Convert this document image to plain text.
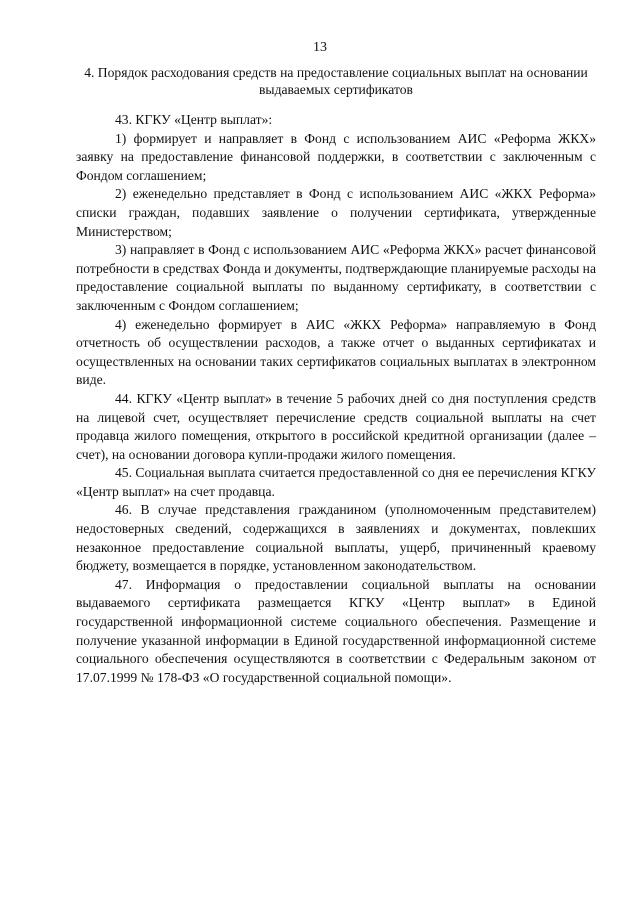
13
4. Порядок расходования средств на предоставление социальных выплат на основании выдаваемых сертификатов

43. КГКУ «Центр выплат»:

1) формирует и направляет в Фонд с использованием АИС «Реформа ЖКХ» заявку на предоставление финансовой поддержки, в соответствии с заключенным с Фондом соглашением;

2) еженедельно представляет в Фонд с использованием АИС «ЖКХ Реформа» списки граждан, подавших заявление о получении сертификата, утвержденные Министерством;

3) направляет в Фонд с использованием АИС «Реформа ЖКХ» расчет финансовой потребности в средствах Фонда и документы, подтверждающие планируемые расходы на предоставление социальной выплаты по выданному сертификату, в соответствии с заключенным с Фондом соглашением;

4) еженедельно формирует в АИС «ЖКХ Реформа» направляемую в Фонд отчетность об осуществлении расходов, а также отчет о выданных сертификатах и осуществленных на основании таких сертификатов социальных выплатах в электронном виде.

44. КГКУ «Центр выплат» в течение 5 рабочих дней со дня поступления средств на лицевой счет, осуществляет перечисление средств социальной выплаты на счет продавца жилого помещения, открытого в российской кредитной организации (далее – счет), на основании договора купли-продажи жилого помещения.

45. Социальная выплата считается предоставленной со дня ее перечисления КГКУ «Центр выплат» на счет продавца.

46. В случае представления гражданином (уполномоченным представителем) недостоверных сведений, содержащихся в заявлениях и документах, повлекших незаконное предоставление социальной выплаты, ущерб, причиненный краевому бюджету, возмещается в порядке, установленном законодательством.

47. Информация о предоставлении социальной выплаты на основании выдаваемого сертификата размещается КГКУ «Центр выплат» в Единой государственной информационной системе социального обеспечения. Размещение и получение указанной информации в Единой государственной информационной системе социального обеспечения осуществляются в соответствии с Федеральным законом от 17.07.1999 № 178-ФЗ «О государственной социальной помощи».
